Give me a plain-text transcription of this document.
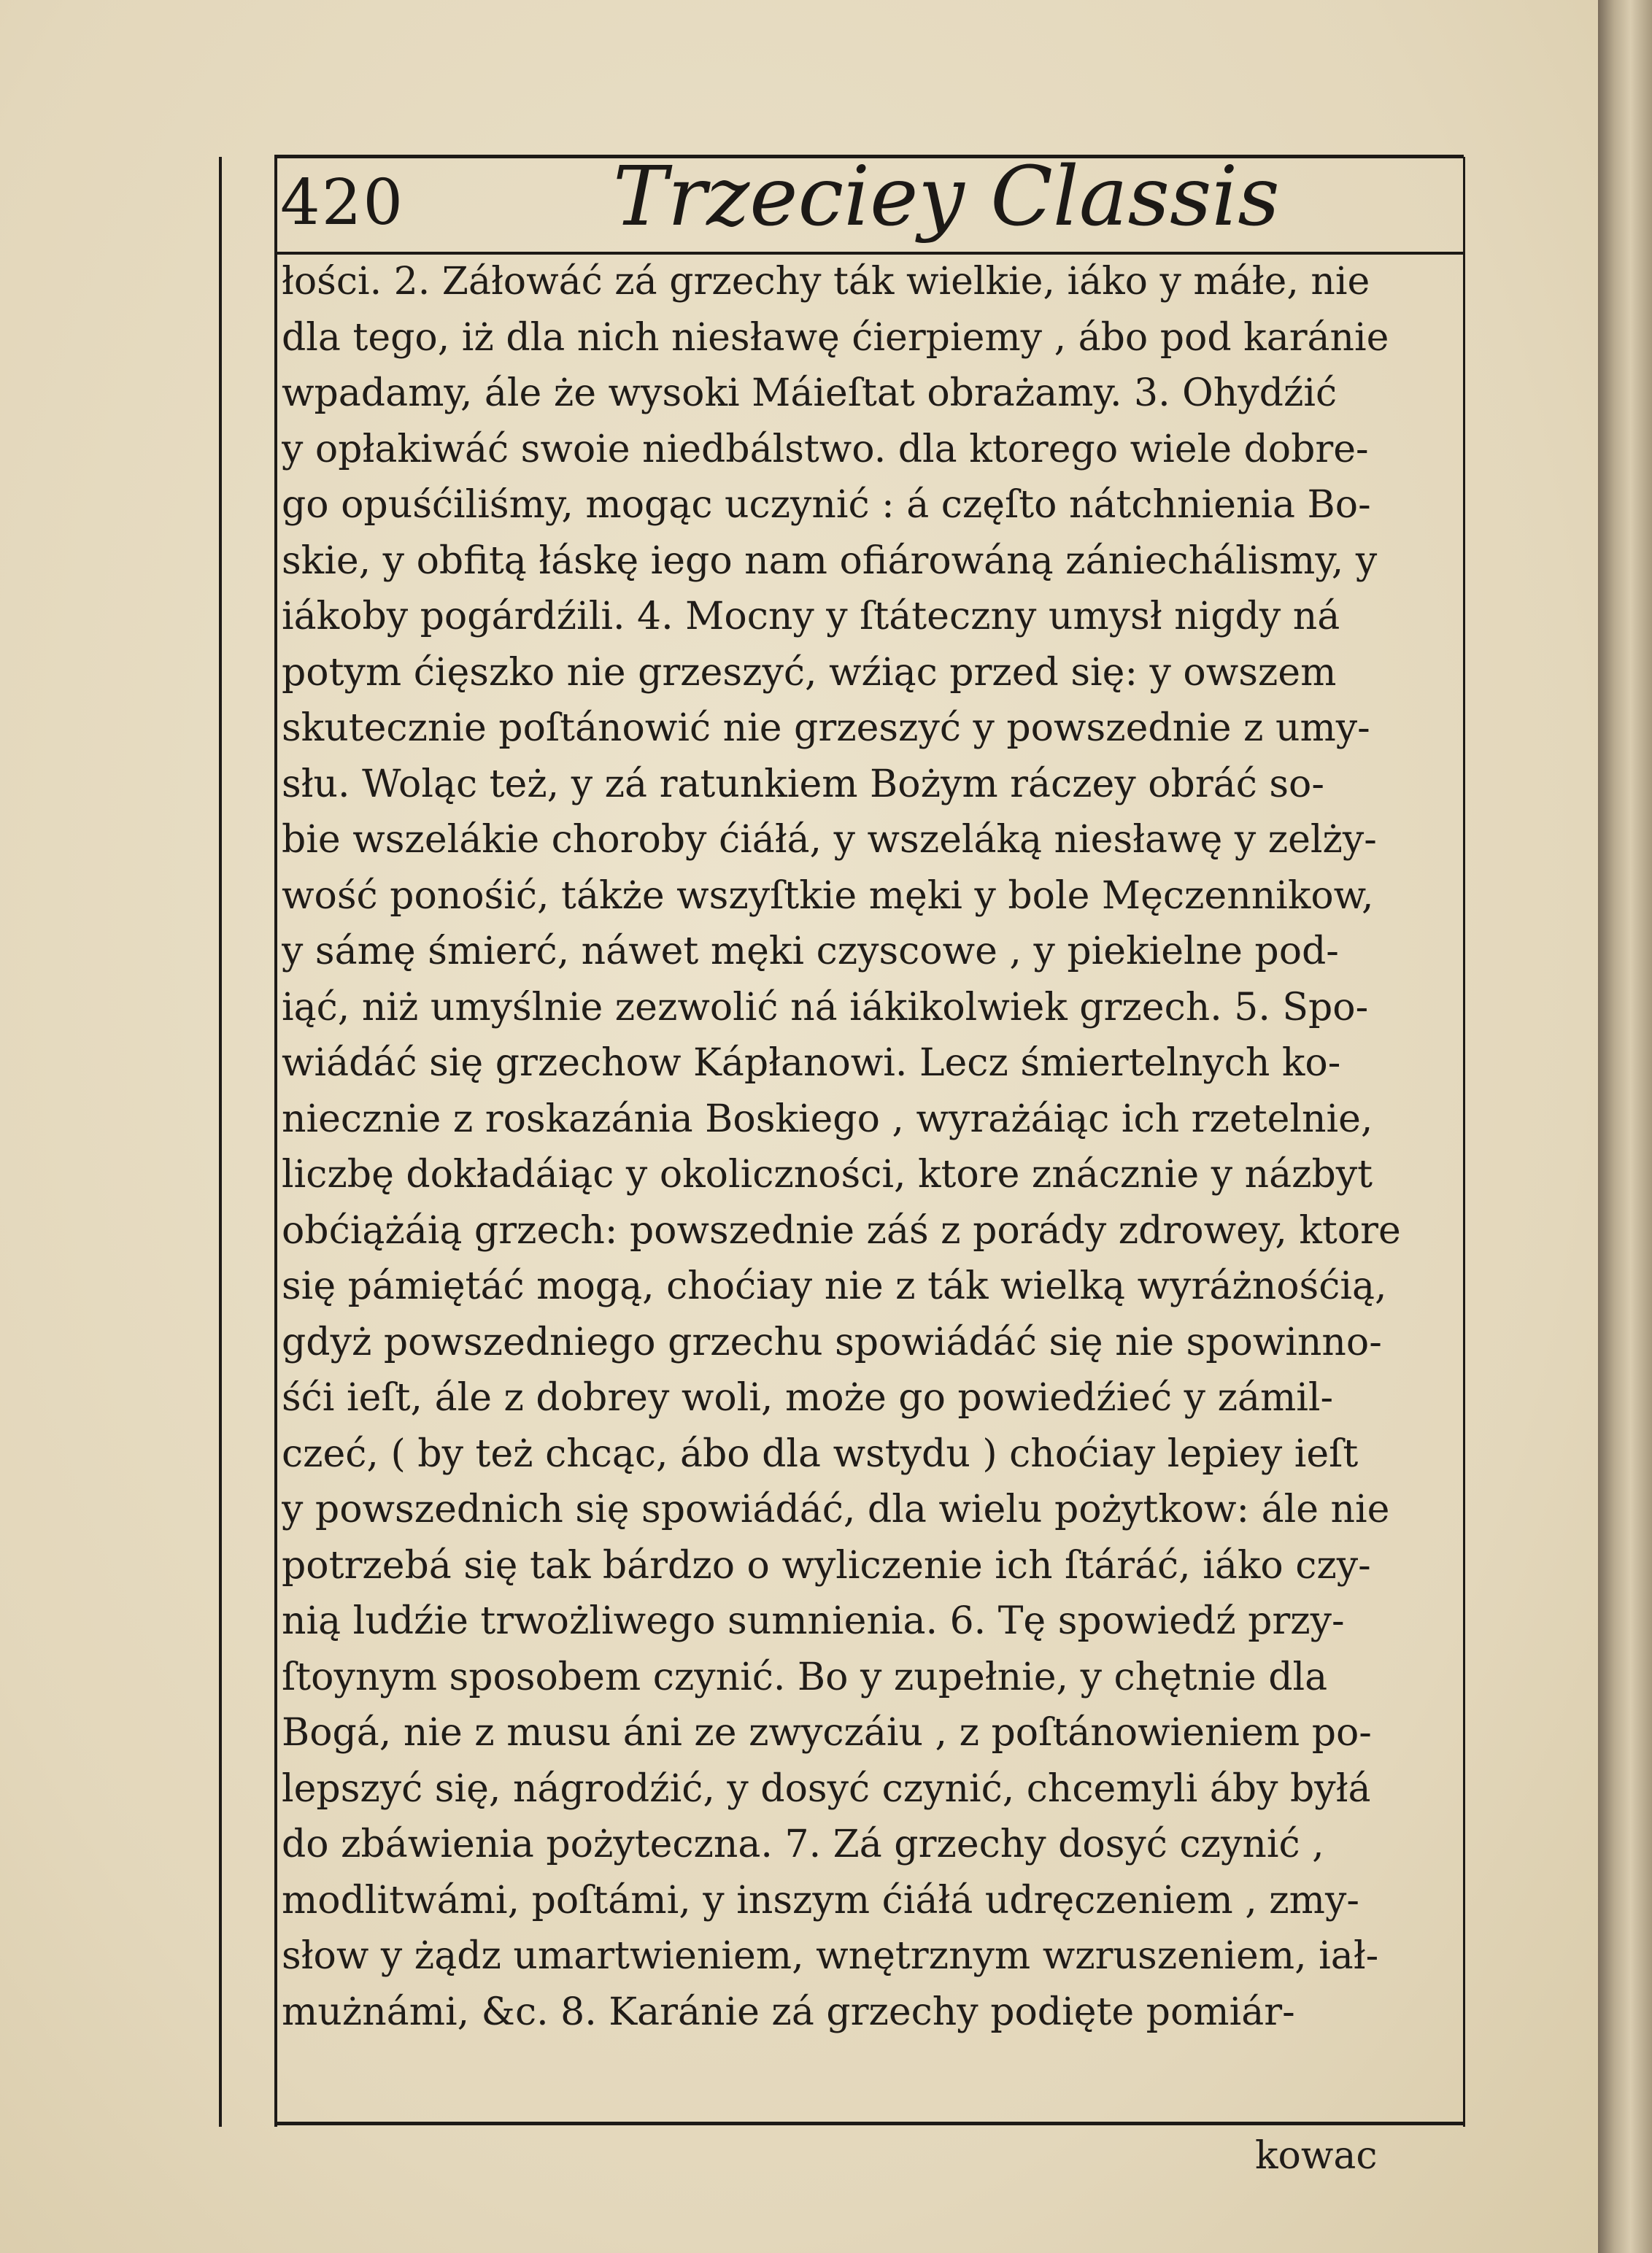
420	Trzeciey Classis
łości. 2. Záłowáć zá grzechy ták wielkie, iáko y máłe, nie
dla tego, iż dla nich niesławę ćierpiemy , ábo pod karánie
wpadamy, ále że wysoki Máieſtat obrażamy. 3. Ohydźić
y opłakiwáć swoie niedbálstwo. dla ktorego wiele dobre-
go opuśćiliśmy, mogąc uczynić : á częſto nátchnienia Bo-
skie, y obfitą łáskę iego nam ofiárowáną zániechálismy, y
iákoby pogárdźili. 4. Mocny y ſtáteczny umysł nigdy ná
potym ćięszko nie grzeszyć, wźiąc przed się: y owszem
skutecznie poſtánowić nie grzeszyć y powszednie z umy-
słu. Woląc też, y zá ratunkiem Bożym ráczey obráć so-
bie wszelákie choroby ćiáłá, y wszeláką niesławę y zelży-
wość ponośić, tákże wszyſtkie męki y bole Męczennikow,
y sámę śmierć, náwet męki czyscowe , y piekielne pod-
iąć, niż umyślnie zezwolić ná iákikolwiek grzech. 5. Spo-
wiádáć się grzechow Kápłanowi. Lecz śmiertelnych ko-
niecznie z roskazánia Boskiego , wyrażáiąc ich rzetelnie,
liczbę dokładáiąc y okoliczności, ktore znácznie y názbyt
obćiążáią grzech: powszednie záś z porády zdrowey, ktore
się pámiętáć mogą, choćiay nie z ták wielką wyráżnośćią,
gdyż powszedniego grzechu spowiádáć się nie spowinno-
śći ieſt, ále z dobrey woli, może go powiedźieć y zámil-
czeć, ( by też chcąc, ábo dla wstydu ) choćiay lepiey ieſt
y powszednich się spowiádáć, dla wielu pożytkow: ále nie
potrzebá się tak bárdzo o wyliczenie ich ſtáráć, iáko czy-
nią ludźie trwożliwego sumnienia. 6. Tę spowiedź przy-
ſtoynym sposobem czynić. Bo y zupełnie, y chętnie dla
Bogá, nie z musu áni ze zwyczáiu , z poſtánowieniem po-
lepszyć się, nágrodźić, y dosyć czynić, chcemyli áby byłá
do zbáwienia pożyteczna. 7. Zá grzechy dosyć czynić ,
modlitwámi, poſtámi, y inszym ćiáłá udręczeniem , zmy-
słow y żądz umartwieniem, wnętrznym wzruszeniem, iał-
mużnámi, &c. 8. Karánie zá grzechy podięte pomiár-
kowac
